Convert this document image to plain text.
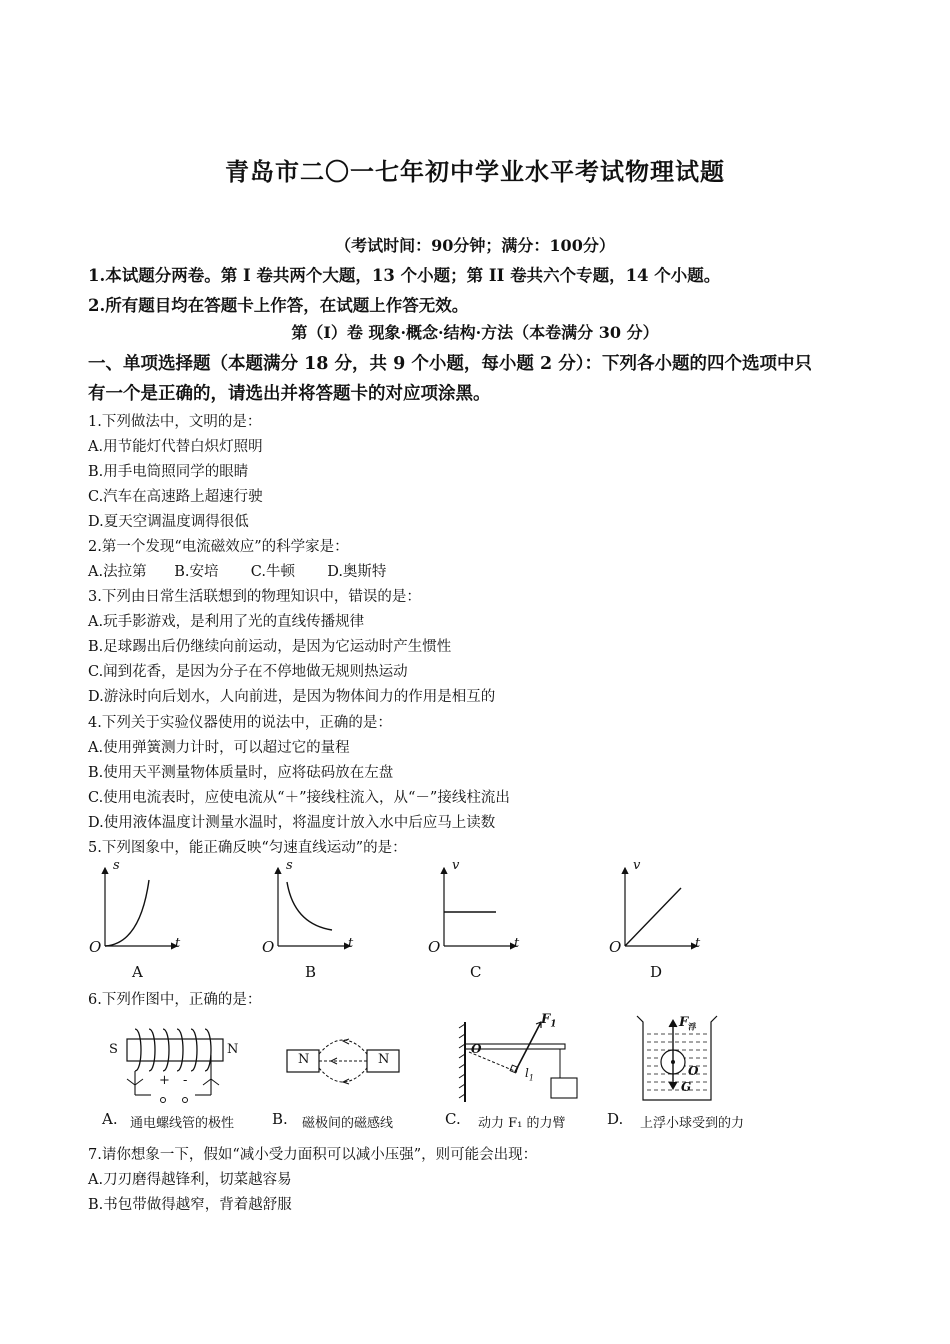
青岛市二〇一七年初中学业水平考试物理试题
（考试时间：90分钟；满分：100分）
1.本试题分两卷。第 I 卷共两个大题，13 个小题；第 II 卷共六个专题，14 个小题。
2.所有题目均在答题卡上作答，在试题上作答无效。
第（I）卷 现象·概念·结构·方法（本卷满分 30 分）
一、单项选择题（本题满分 18 分，共 9 个小题，每小题 2 分）：下列各小题的四个选项中只
有一个是正确的，请选出并将答题卡的对应项涂黑。
1.下列做法中，文明的是：
A.用节能灯代替白炽灯照明
B.用手电筒照同学的眼睛
C.汽车在高速路上超速行驶
D.夏天空调温度调得很低
2.第一个发现“电流磁效应”的科学家是：
A.法拉第      B.安培       C.牛顿       D.奥斯特
3.下列由日常生活联想到的物理知识中，错误的是：
A.玩手影游戏，是利用了光的直线传播规律
B.足球踢出后仍继续向前运动，是因为它运动时产生惯性
C.闻到花香，是因为分子在不停地做无规则热运动
D.游泳时向后划水，人向前进，是因为物体间力的作用是相互的
4.下列关于实验仪器使用的说法中，正确的是：
A.使用弹簧测力计时，可以超过它的量程
B.使用天平测量物体质量时，应将砝码放在左盘
C.使用电流表时，应使电流从“＋”接线柱流入，从“－”接线柱流出
D.使用液体温度计测量水温时，将温度计放入水中后应马上读数
5.下列图象中，能正确反映“匀速直线运动”的是：
s
t
O
A
s
t
O
B
v
t
O
C
v
t
O
D
6.下列作图中，正确的是：
S	N
+ -
A. 通电螺线管的极性
N	N
B. 磁极间的磁感线
$F_1$
O
$l_1$
C. 动力 F₁ 的力臂
$F_浮$
O
G
D. 上浮小球受到的力
7.请你想象一下，假如“减小受力面积可以减小压强”，则可能会出现：
A.刀刃磨得越锋利，切菜越容易
B.书包带做得越窄，背着越舒服
